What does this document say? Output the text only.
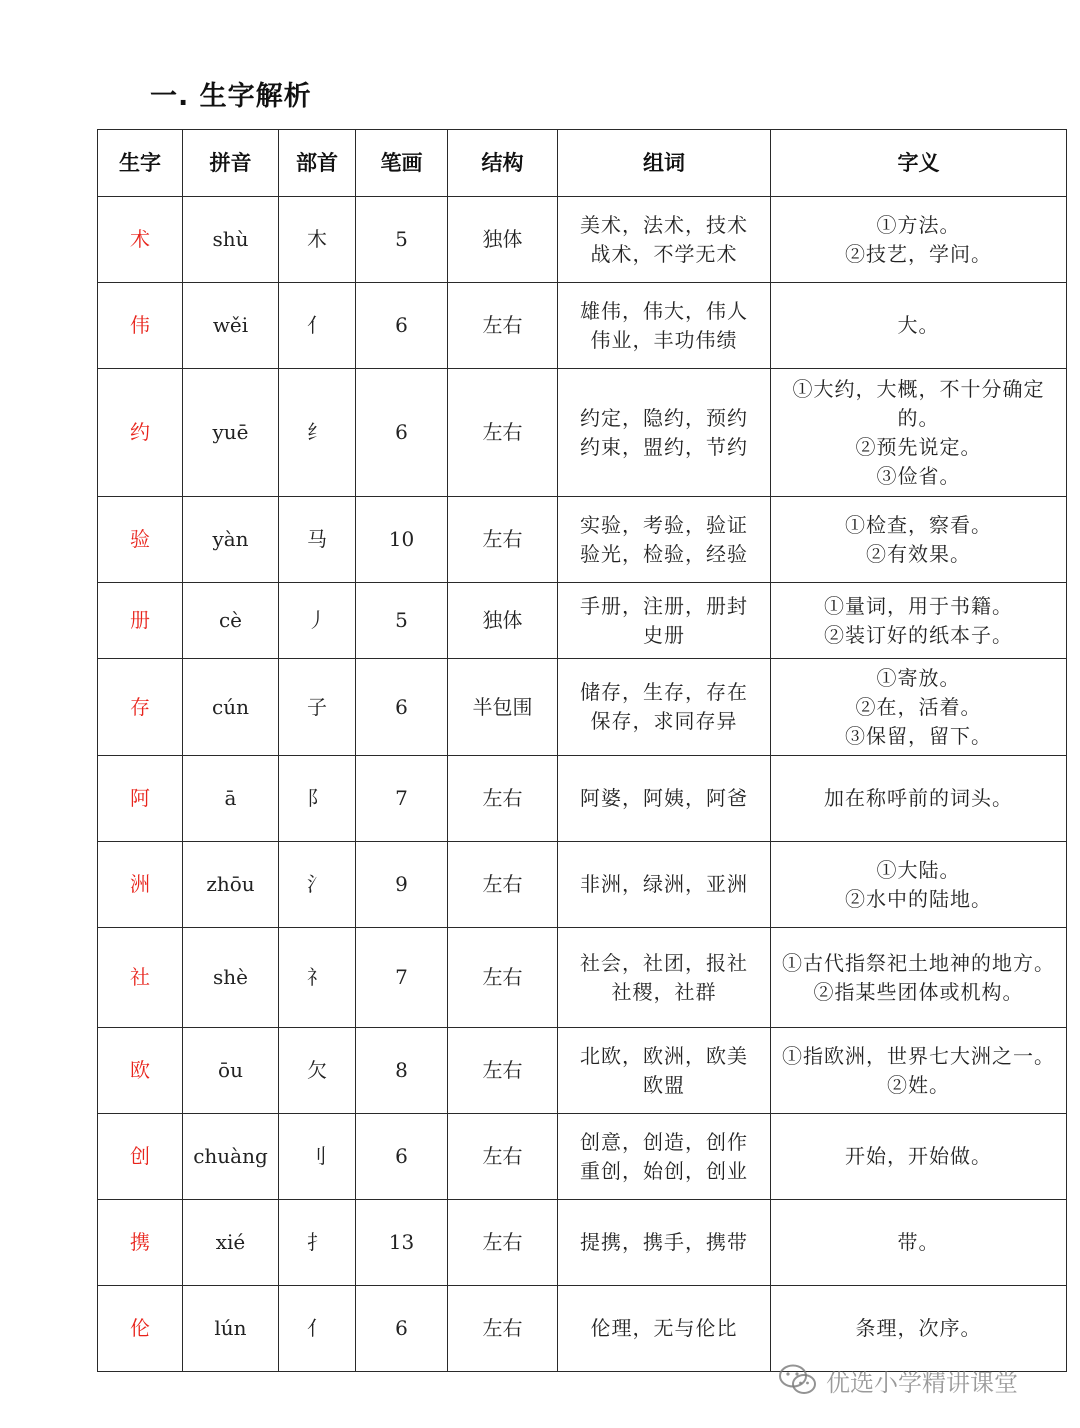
一. 生字解析
生字	拼音	部首	笔画	结构	组词	字义
术	shù	木	5	独体	美术，法术，技术
战术，不学无术	①方法。
②技艺，学问。

伟	wěi	亻	6	左右	雄伟，伟大，伟人
伟业，丰功伟绩	大。

约	yuē	纟	6	左右	约定，隐约，预约
约束，盟约，节约	①大约，大概，不十分确定的。
②预先说定。
③俭省。

验	yàn	马	10	左右	实验，考验，验证
验光，检验，经验	①检查，察看。
②有效果。

册	cè	丿	5	独体	手册，注册，册封
史册	①量词，用于书籍。
②装订好的纸本子。

存	cún	子	6	半包围	储存，生存，存在
保存，求同存异	①寄放。
②在，活着。
③保留，留下。

阿	ā	阝	7	左右	阿婆，阿姨，阿爸	加在称呼前的词头。

洲	zhōu	氵	9	左右	非洲，绿洲，亚洲	①大陆。
②水中的陆地。

社	shè	礻	7	左右	社会，社团，报社
社稷，社群	①古代指祭祀土地神的地方。
②指某些团体或机构。

欧	ōu	欠	8	左右	北欧，欧洲，欧美
欧盟	①指欧洲，世界七大洲之一。
②姓。

创	chuàng	刂	6	左右	创意，创造，创作
重创，始创，创业	开始，开始做。

携	xié	扌	13	左右	提携，携手，携带	带。

伦	lún	亻	6	左右	伦理，无与伦比	条理，次序。
优选小学精讲课堂
